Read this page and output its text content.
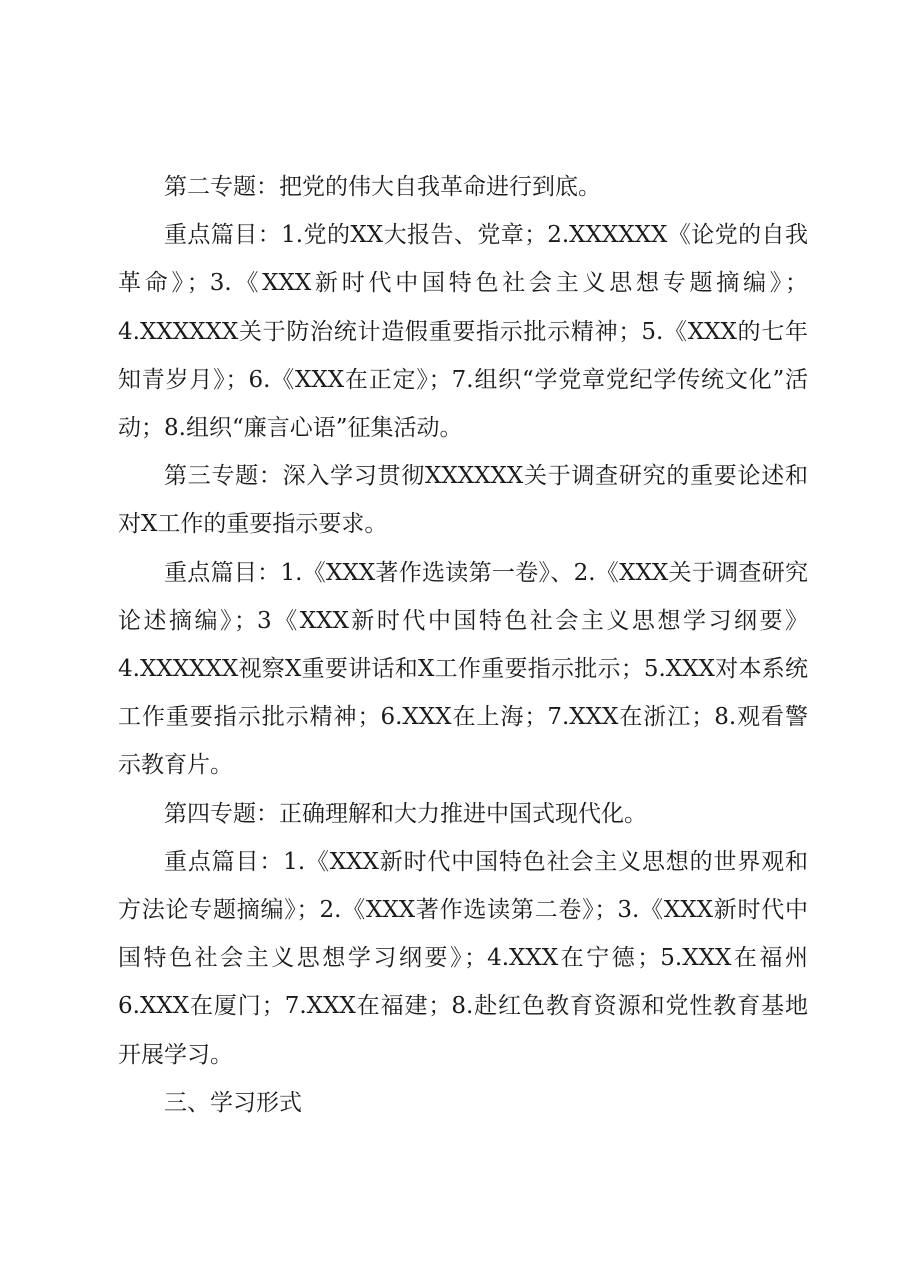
第二专题：把党的伟大自我革命进行到底。

重点篇目：1.党的XX大报告、党章；2.XXXXXX《论党的自我革命》；3.《XXX新时代中国特色社会主义思想专题摘编》；4.XXXXXX关于防治统计造假重要指示批示精神；5.《XXX的七年知青岁月》；6.《XXX在正定》；7.组织“学党章党纪学传统文化”活动；8.组织“廉言心语”征集活动。

第三专题：深入学习贯彻XXXXXX关于调查研究的重要论述和对X工作的重要指示要求。

重点篇目：1.《XXX著作选读第一卷》、2.《XXX关于调查研究论述摘编》；3《XXX新时代中国特色社会主义思想学习纲要》4.XXXXXX视察X重要讲话和X工作重要指示批示；5.XXX对本系统工作重要指示批示精神；6.XXX在上海；7.XXX在浙江；8.观看警示教育片。

第四专题：正确理解和大力推进中国式现代化。

重点篇目：1.《XXX新时代中国特色社会主义思想的世界观和方法论专题摘编》；2.《XXX著作选读第二卷》；3.《XXX新时代中国特色社会主义思想学习纲要》；4.XXX在宁德；5.XXX在福州6.XXX在厦门；7.XXX在福建；8.赴红色教育资源和党性教育基地开展学习。

三、学习形式
